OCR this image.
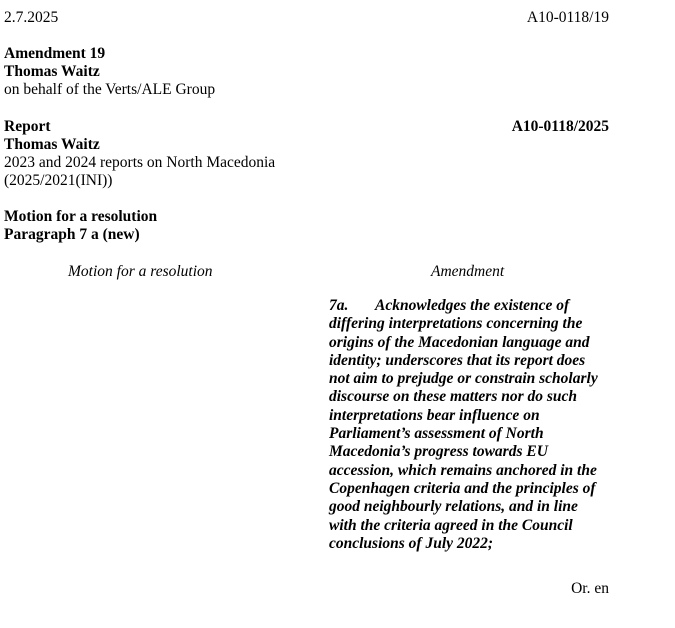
2.7.2025	A10-0118/19
Amendment 19
Thomas Waitz
on behalf of the Verts/ALE Group
Report	A10-0118/2025
Thomas Waitz
2023 and 2024 reports on North Macedonia
(2025/2021(INI))
Motion for a resolution
Paragraph 7 a (new)
Motion for a resolution	Amendment
7a. Acknowledges the existence of
differing interpretations concerning the
origins of the Macedonian language and
identity; underscores that its report does
not aim to prejudge or constrain scholarly
discourse on these matters nor do such
interpretations bear influence on
Parliament’s assessment of North
Macedonia’s progress towards EU
accession, which remains anchored in the
Copenhagen criteria and the principles of
good neighbourly relations, and in line
with the criteria agreed in the Council
conclusions of July 2022;
Or. en
